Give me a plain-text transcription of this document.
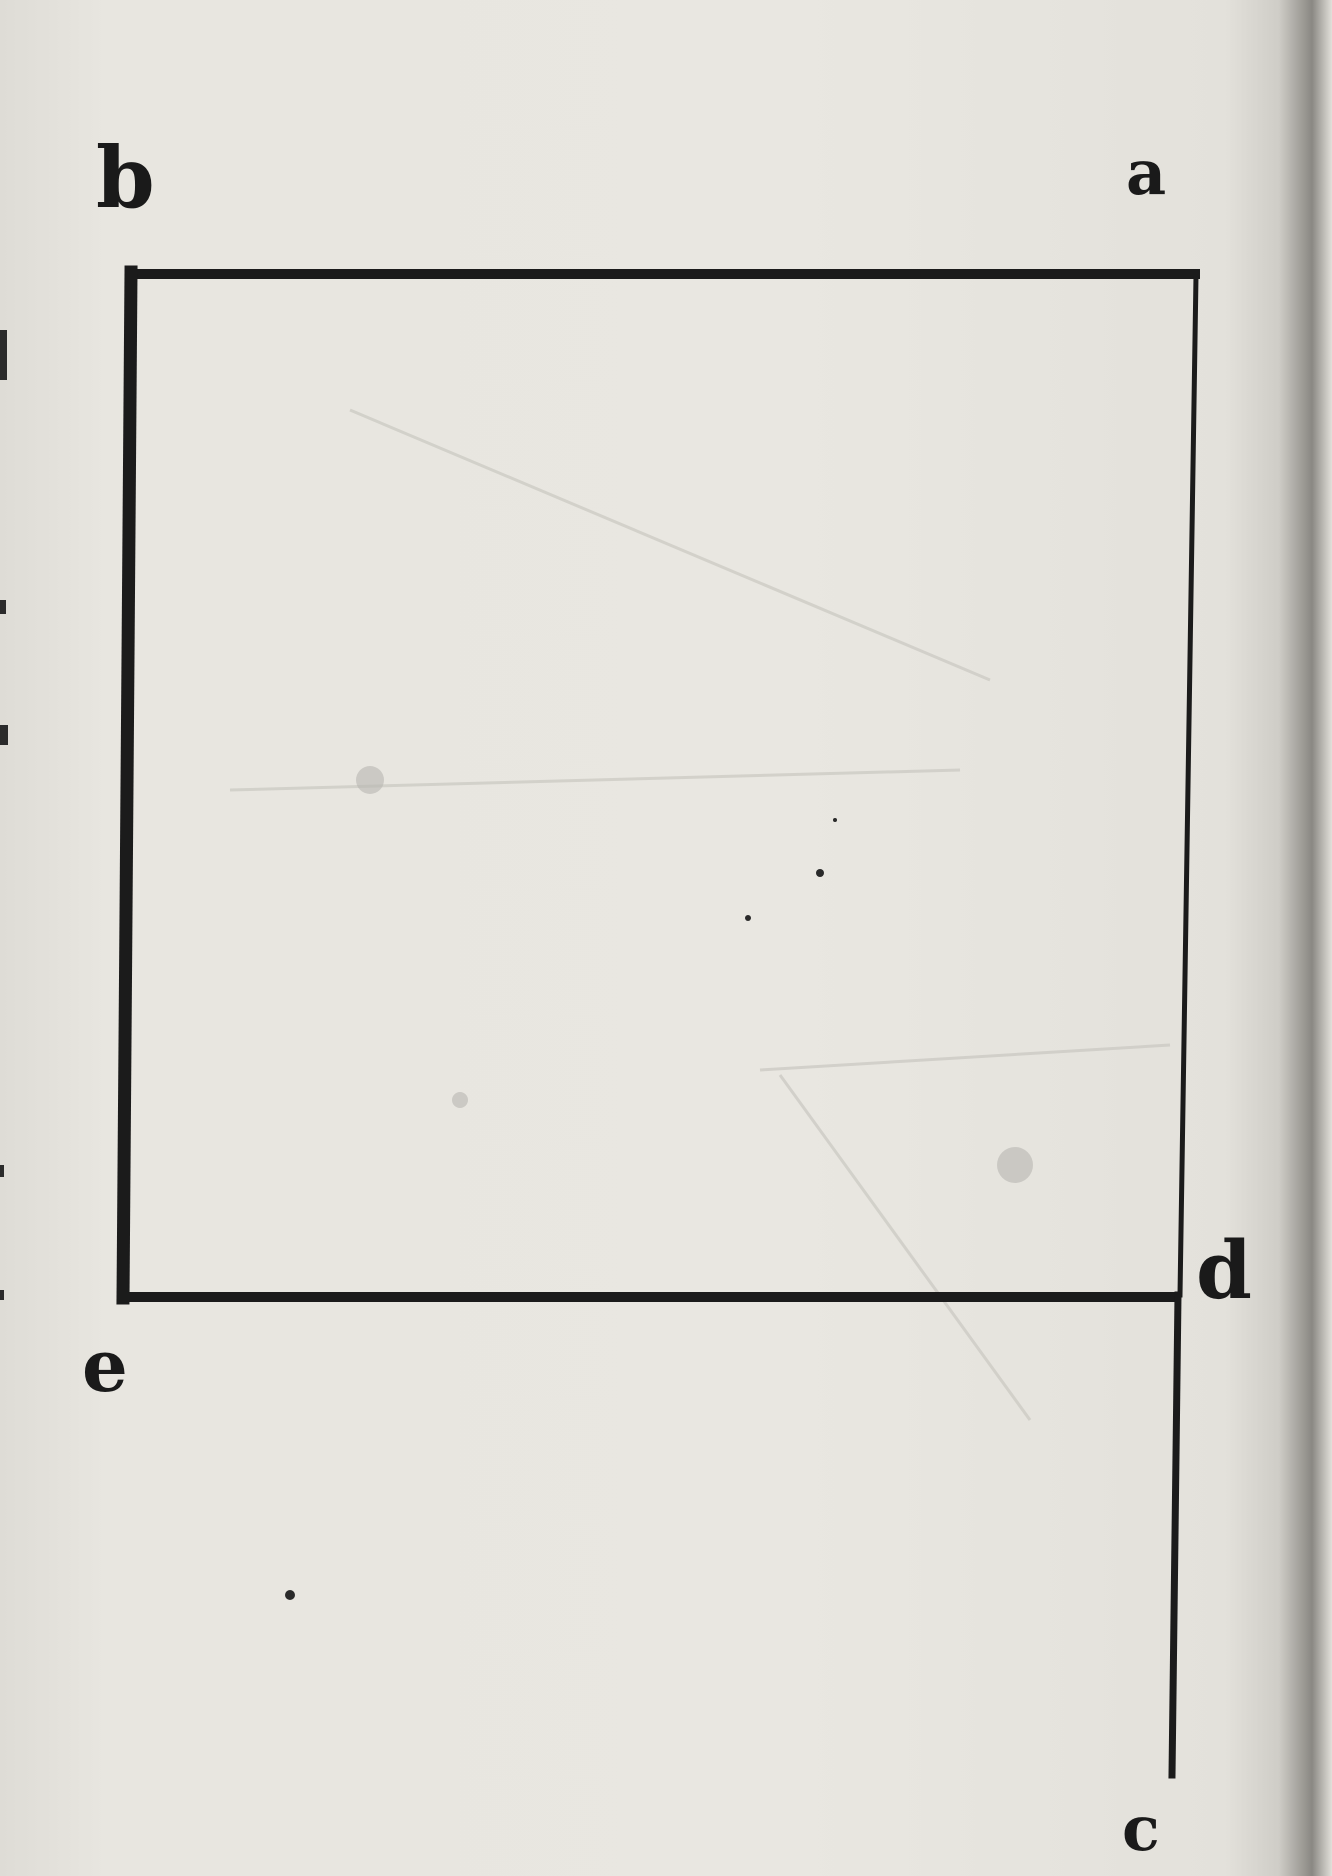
b	a
e
d
c
